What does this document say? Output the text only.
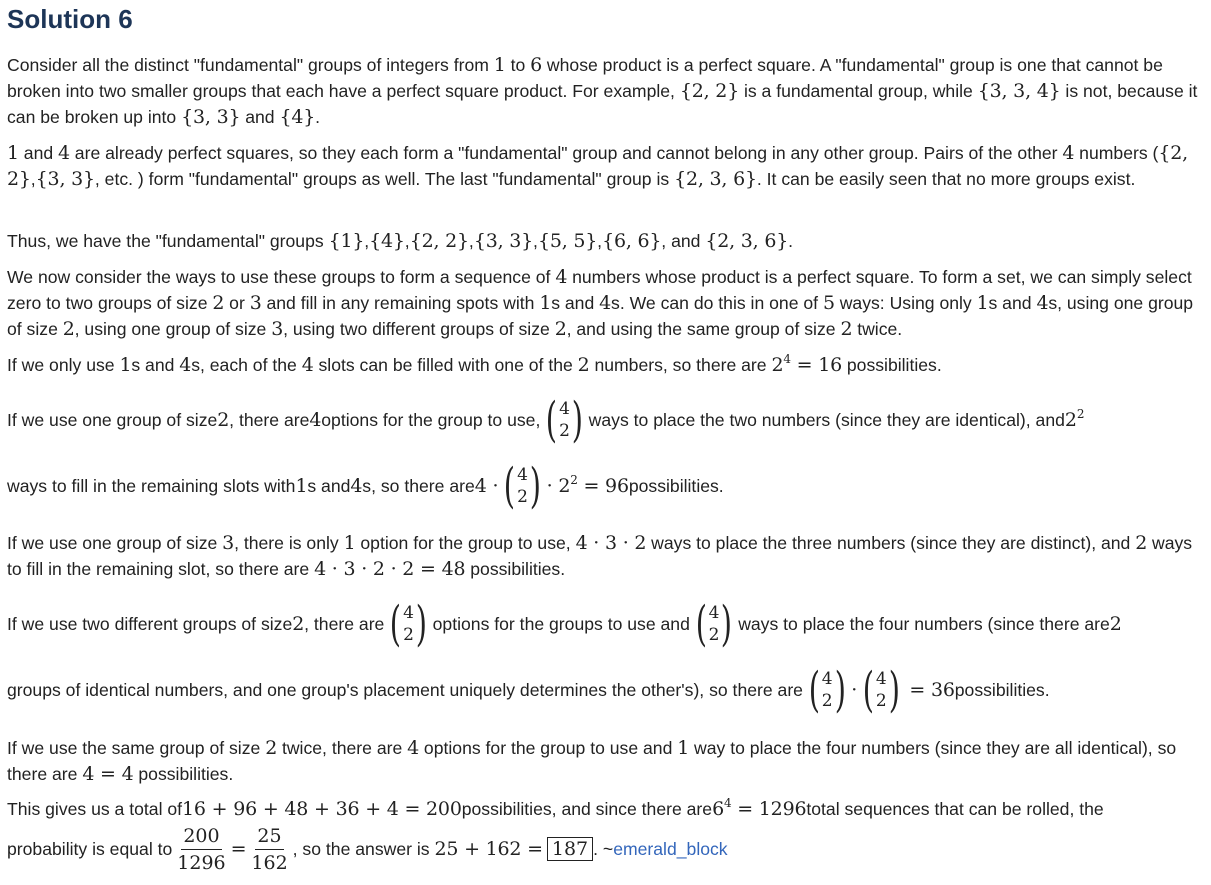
Solution 6
Consider all the distinct "fundamental" groups of integers from 1 to 6 whose product is a perfect square. A "fundamental" group is one that cannot be broken into two smaller groups that each have a perfect square product. For example, {2, 2} is a fundamental group, while {3, 3, 4} is not, because it can be broken up into {3, 3} and {4}.
1 and 4 are already perfect squares, so they each form a "fundamental" group and cannot belong in any other group. Pairs of the other 4 numbers ({2, 2},{3, 3}, etc. ) form "fundamental" groups as well. The last "fundamental" group is {2, 3, 6}. It can be easily seen that no more groups exist.
Thus, we have the "fundamental" groups {1},{4},{2, 2},{3, 3},{5, 5},{6, 6}, and {2, 3, 6}.
We now consider the ways to use these groups to form a sequence of 4 numbers whose product is a perfect square. To form a set, we can simply select zero to two groups of size 2 or 3 and fill in any remaining spots with 1s and 4s. We can do this in one of 5 ways: Using only 1s and 4s, using one group of size 2, using one group of size 3, using two different groups of size 2, and using the same group of size 2 twice.
If we only use 1s and 4s, each of the 4 slots can be filled with one of the 2 numbers, so there are $2^4 = 16$ possibilities.
If we use one group of size 2 , there are 4 options for the group to use, ( 4
2 ) ways to place the two numbers (since they are identical), and $2^2$
ways to fill in the remaining slots with 1 s and 4 s, so there are 4 · ( 4
2 ) · $2^2 = 96$ possibilities.
If we use one group of size 3, there is only 1 option for the group to use, 4 · 3 · 2 ways to place the three numbers (since they are distinct), and 2 ways to fill in the remaining slot, so there are 4 · 3 · 2 · 2 = 48 possibilities.
If we use two different groups of size 2 , there are ( 4
2 ) options for the groups to use and ( 4
2 ) ways to place the four numbers (since there are 2
groups of identical numbers, and one group's placement uniquely determines the other's), so there are ( 4
2 ) · ( 4
2 ) = 36 possibilities.
If we use the same group of size 2 twice, there are 4 options for the group to use and 1 way to place the four numbers (since they are all identical), so there are 4 = 4 possibilities.
This gives us a total of 16 + 96 + 48 + 36 + 4 = 200 possibilities, and since there are $6^4 = 1296$ total sequences that can be rolled, the
probability is equal to $\frac{200}{1296} = \frac{25}{162}$ , so the answer is 25 + 162 = 187 . ~ emerald_block
